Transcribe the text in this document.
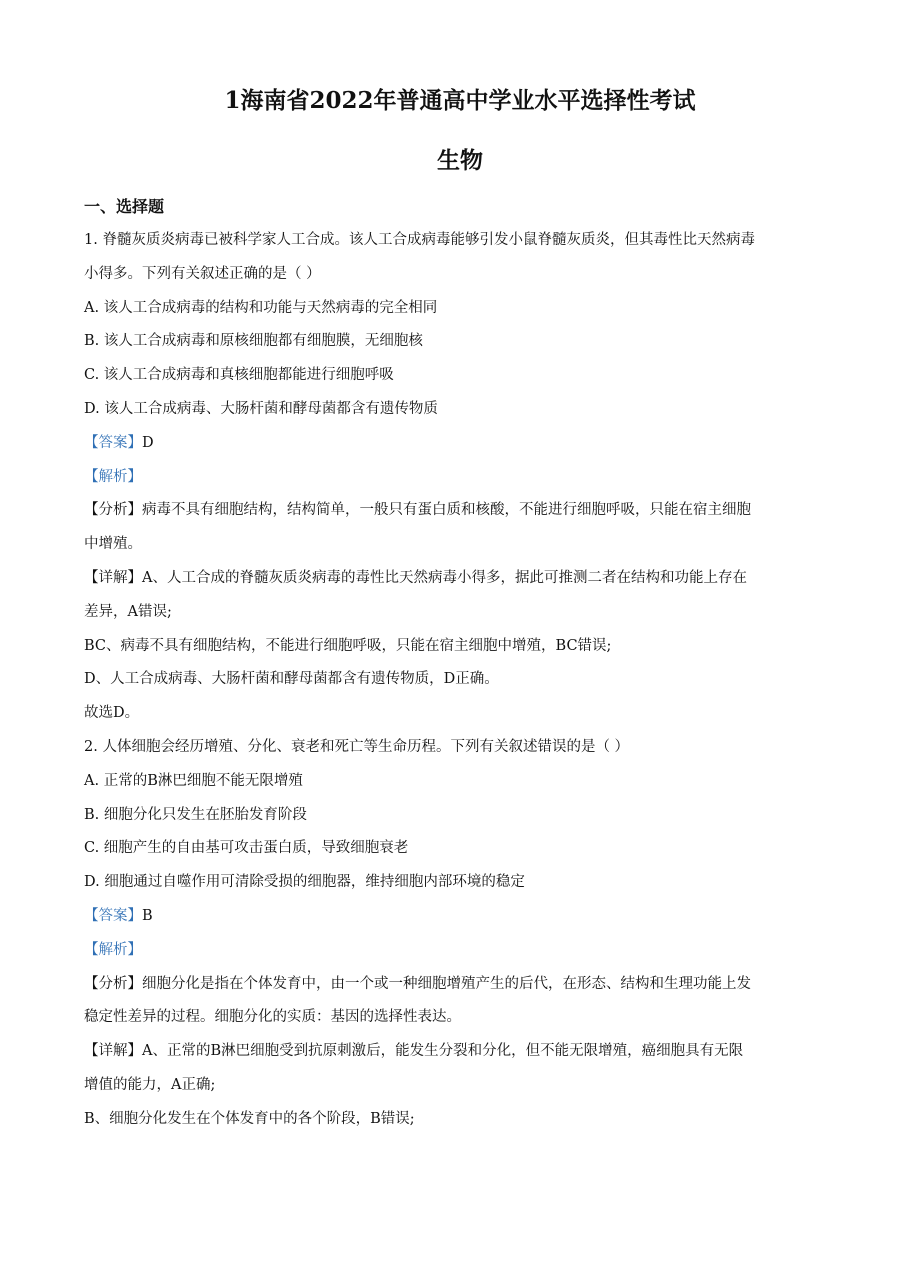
1海南省2022年普通高中学业水平选择性考试
生物
一、选择题
1. 脊髓灰质炎病毒已被科学家人工合成。该人工合成病毒能够引发小鼠脊髓灰质炎，但其毒性比天然病毒
小得多。下列有关叙述正确的是（ ）
A. 该人工合成病毒的结构和功能与天然病毒的完全相同
B. 该人工合成病毒和原核细胞都有细胞膜，无细胞核
C. 该人工合成病毒和真核细胞都能进行细胞呼吸
D. 该人工合成病毒、大肠杆菌和酵母菌都含有遗传物质
【答案】D
【解析】
【分析】病毒不具有细胞结构，结构简单，一般只有蛋白质和核酸，不能进行细胞呼吸，只能在宿主细胞
中增殖。
【详解】A、人工合成的脊髓灰质炎病毒的毒性比天然病毒小得多，据此可推测二者在结构和功能上存在
差异，A错误;
BC、病毒不具有细胞结构，不能进行细胞呼吸，只能在宿主细胞中增殖，BC错误;
D、人工合成病毒、大肠杆菌和酵母菌都含有遗传物质，D正确。
故选D。
2. 人体细胞会经历增殖、分化、衰老和死亡等生命历程。下列有关叙述错误的是（ ）
A. 正常的B淋巴细胞不能无限增殖
B. 细胞分化只发生在胚胎发育阶段
C. 细胞产生的自由基可攻击蛋白质，导致细胞衰老
D. 细胞通过自噬作用可清除受损的细胞器，维持细胞内部环境的稳定
【答案】B
【解析】
【分析】细胞分化是指在个体发育中，由一个或一种细胞增殖产生的后代，在形态、结构和生理功能上发
稳定性差异的过程。细胞分化的实质：基因的选择性表达。
【详解】A、正常的B淋巴细胞受到抗原刺激后，能发生分裂和分化，但不能无限增殖，癌细胞具有无限
增值的能力，A正确;
B、细胞分化发生在个体发育中的各个阶段，B错误;
